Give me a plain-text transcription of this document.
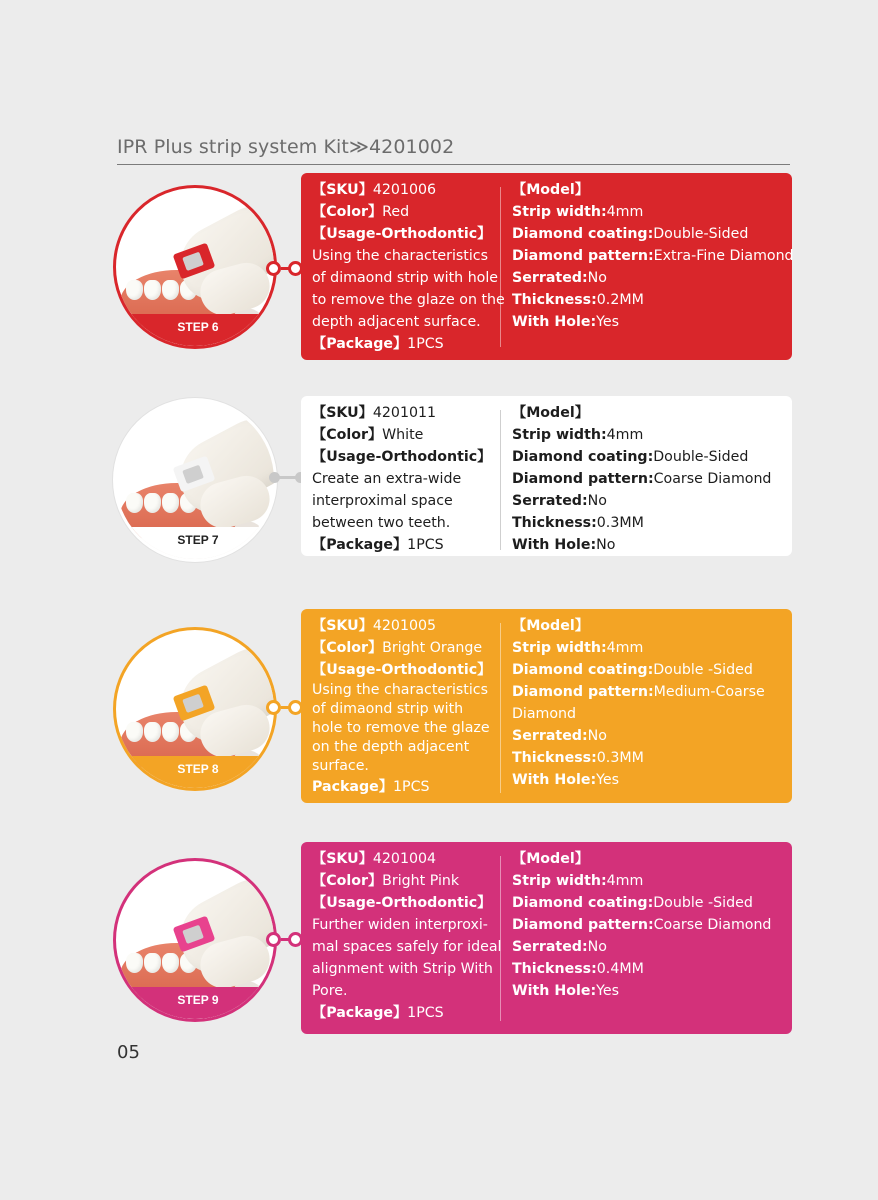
IPR Plus strip system Kit≫4201002
STEP 6
【SKU】4201006
【Color】Red
【Usage-Orthodontic】
Using the characteristics
of dimaond strip with hole
to remove the glaze on the
depth adjacent surface.
【Package】1PCS
【Model】
Strip width:4mm
Diamond coating:Double-Sided
Diamond pattern:Extra-Fine Diamond
Serrated:No
Thickness:0.2MM
With Hole:Yes
STEP 7
【SKU】4201011
【Color】White
【Usage-Orthodontic】
Create an extra-wide
interproximal space
between two teeth.
【Package】1PCS
【Model】
Strip width:4mm
Diamond coating:Double-Sided
Diamond pattern:Coarse Diamond
Serrated:No
Thickness:0.3MM
With Hole:No
STEP 8
【SKU】4201005
【Color】Bright Orange
【Usage-Orthodontic】
Using the characteristics
of dimaond strip with
hole to remove the glaze
on the depth adjacent
surface.
Package】1PCS
【Model】
Strip width:4mm
Diamond coating:Double -Sided
Diamond pattern:Medium-Coarse
Diamond
Serrated:No
Thickness:0.3MM
With Hole:Yes
STEP 9
【SKU】4201004
【Color】Bright Pink
【Usage-Orthodontic】
Further widen interproxi-
mal spaces safely for ideal
alignment with Strip With
Pore.
【Package】1PCS
【Model】
Strip width:4mm
Diamond coating:Double -Sided
Diamond pattern:Coarse Diamond
Serrated:No
Thickness:0.4MM
With Hole:Yes
05
